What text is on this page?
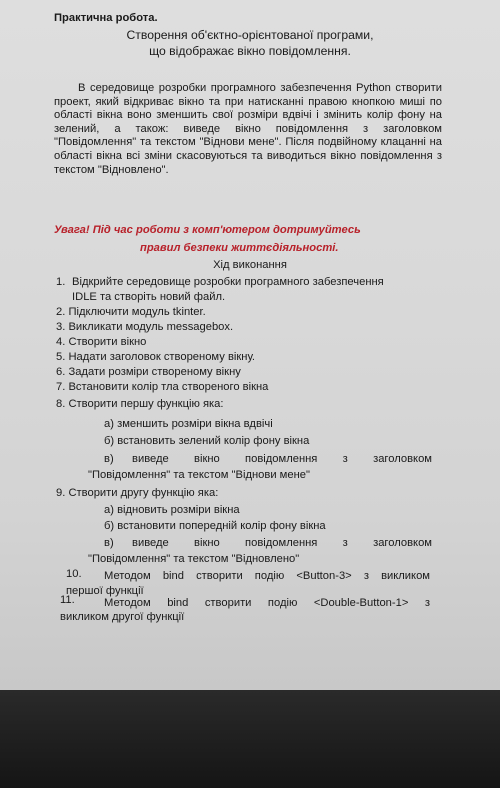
Практична робота.
Створення об'єктно-орієнтованої програми,
що відображає вікно повідомлення.
В середовище розробки програмного забезпечення Python створити проект, який відкриває вікно та при натисканні правою кнопкою миші по області вікна воно зменшить свої розміри вдвічі і змінить колір фону на зелений, а також: виведе вікно повідомлення з заголовком "Повідомлення" та текстом "Віднови мене". Після подвійному клацанні на області вікна всі зміни скасовуються та виводиться вікно повідомлення з текстом "Відновлено".
Увага! Під час роботи з комп'ютером дотримуйтесь
правил безпеки життєдіяльності.
Хід виконання
1. Відкрийте середовище розробки програмного забезпечення
IDLE та створіть новий файл.
2. Підключити модуль tkinter.
3. Викликати модуль messagebox.
4. Створити вікно
5. Надати заголовок створеному вікну.
6. Задати розміри створеному вікну
7. Встановити колір тла створеного вікна
8. Створити першу функцію яка:
а) зменшить розміри вікна вдвічі
б) встановить зелений колір фону вікна
в) виведе вікно повідомлення з заголовком
"Повідомлення" та текстом "Віднови мене"
9. Створити другу функцію яка:
а) відновить розміри вікна
б) встановити попередній колір фону вікна
в) виведе вікно повідомлення з заголовком
"Повідомлення" та текстом "Відновлено"
10. Методом bind створити подію <Button-3> з викликом
першої функції
11.	Методом bind створити подію <Double-Button-1> з
викликом другої функції
